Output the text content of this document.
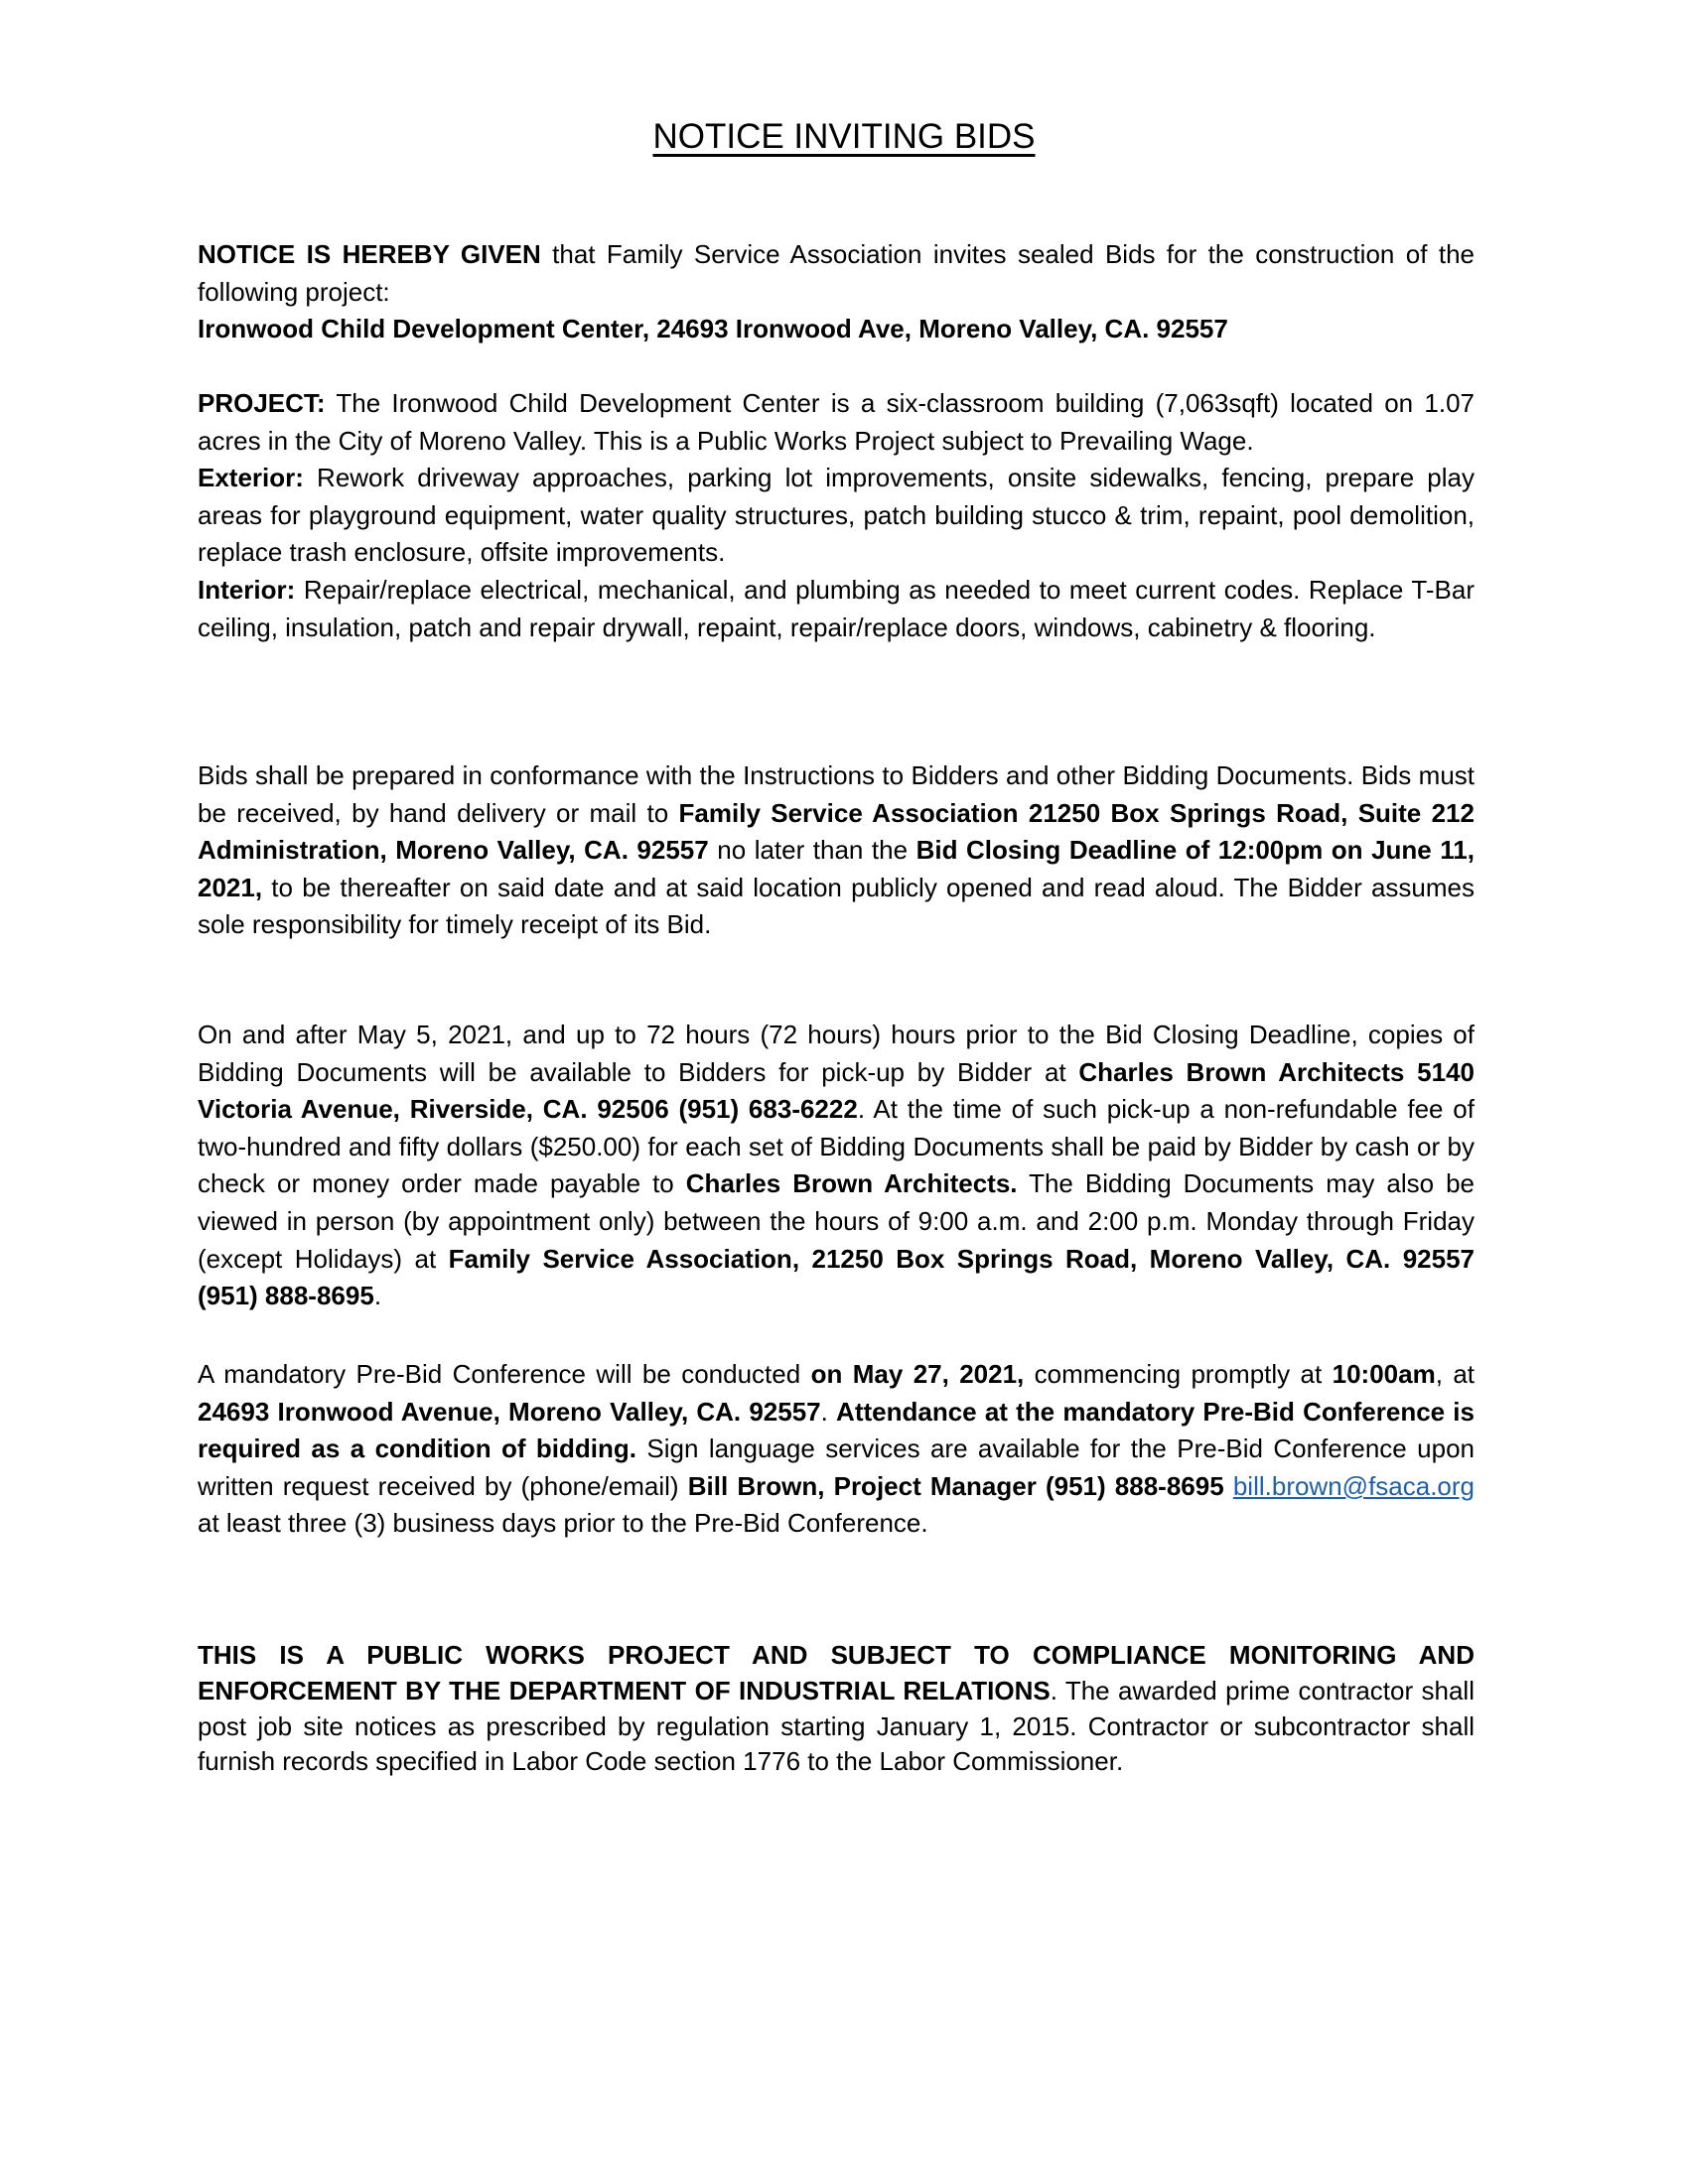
NOTICE INVITING BIDS
NOTICE IS HEREBY GIVEN that Family Service Association invites sealed Bids for the construction of the following project:
Ironwood Child Development Center, 24693 Ironwood Ave, Moreno Valley, CA. 92557
PROJECT: The Ironwood Child Development Center is a six-classroom building (7,063sqft) located on 1.07 acres in the City of Moreno Valley. This is a Public Works Project subject to Prevailing Wage.
Exterior: Rework driveway approaches, parking lot improvements, onsite sidewalks, fencing, prepare play areas for playground equipment, water quality structures, patch building stucco & trim, repaint, pool demolition, replace trash enclosure, offsite improvements.
Interior: Repair/replace electrical, mechanical, and plumbing as needed to meet current codes. Replace T-Bar ceiling, insulation, patch and repair drywall, repaint, repair/replace doors, windows, cabinetry & flooring.
Bids shall be prepared in conformance with the Instructions to Bidders and other Bidding Documents. Bids must be received, by hand delivery or mail to Family Service Association 21250 Box Springs Road, Suite 212 Administration, Moreno Valley, CA. 92557 no later than the Bid Closing Deadline of 12:00pm on June 11, 2021, to be thereafter on said date and at said location publicly opened and read aloud. The Bidder assumes sole responsibility for timely receipt of its Bid.
On and after May 5, 2021, and up to 72 hours (72 hours) hours prior to the Bid Closing Deadline, copies of Bidding Documents will be available to Bidders for pick-up by Bidder at Charles Brown Architects 5140 Victoria Avenue, Riverside, CA. 92506 (951) 683-6222. At the time of such pick-up a non-refundable fee of two-hundred and fifty dollars ($250.00) for each set of Bidding Documents shall be paid by Bidder by cash or by check or money order made payable to Charles Brown Architects. The Bidding Documents may also be viewed in person (by appointment only) between the hours of 9:00 a.m. and 2:00 p.m. Monday through Friday (except Holidays) at Family Service Association, 21250 Box Springs Road, Moreno Valley, CA. 92557 (951) 888-8695.
A mandatory Pre-Bid Conference will be conducted on May 27, 2021, commencing promptly at 10:00am, at 24693 Ironwood Avenue, Moreno Valley, CA. 92557. Attendance at the mandatory Pre-Bid Conference is required as a condition of bidding. Sign language services are available for the Pre-Bid Conference upon written request received by (phone/email) Bill Brown, Project Manager (951) 888-8695 bill.brown@fsaca.org at least three (3) business days prior to the Pre-Bid Conference.
THIS IS A PUBLIC WORKS PROJECT AND SUBJECT TO COMPLIANCE MONITORING AND ENFORCEMENT BY THE DEPARTMENT OF INDUSTRIAL RELATIONS. The awarded prime contractor shall post job site notices as prescribed by regulation starting January 1, 2015. Contractor or subcontractor shall furnish records specified in Labor Code section 1776 to the Labor Commissioner.
